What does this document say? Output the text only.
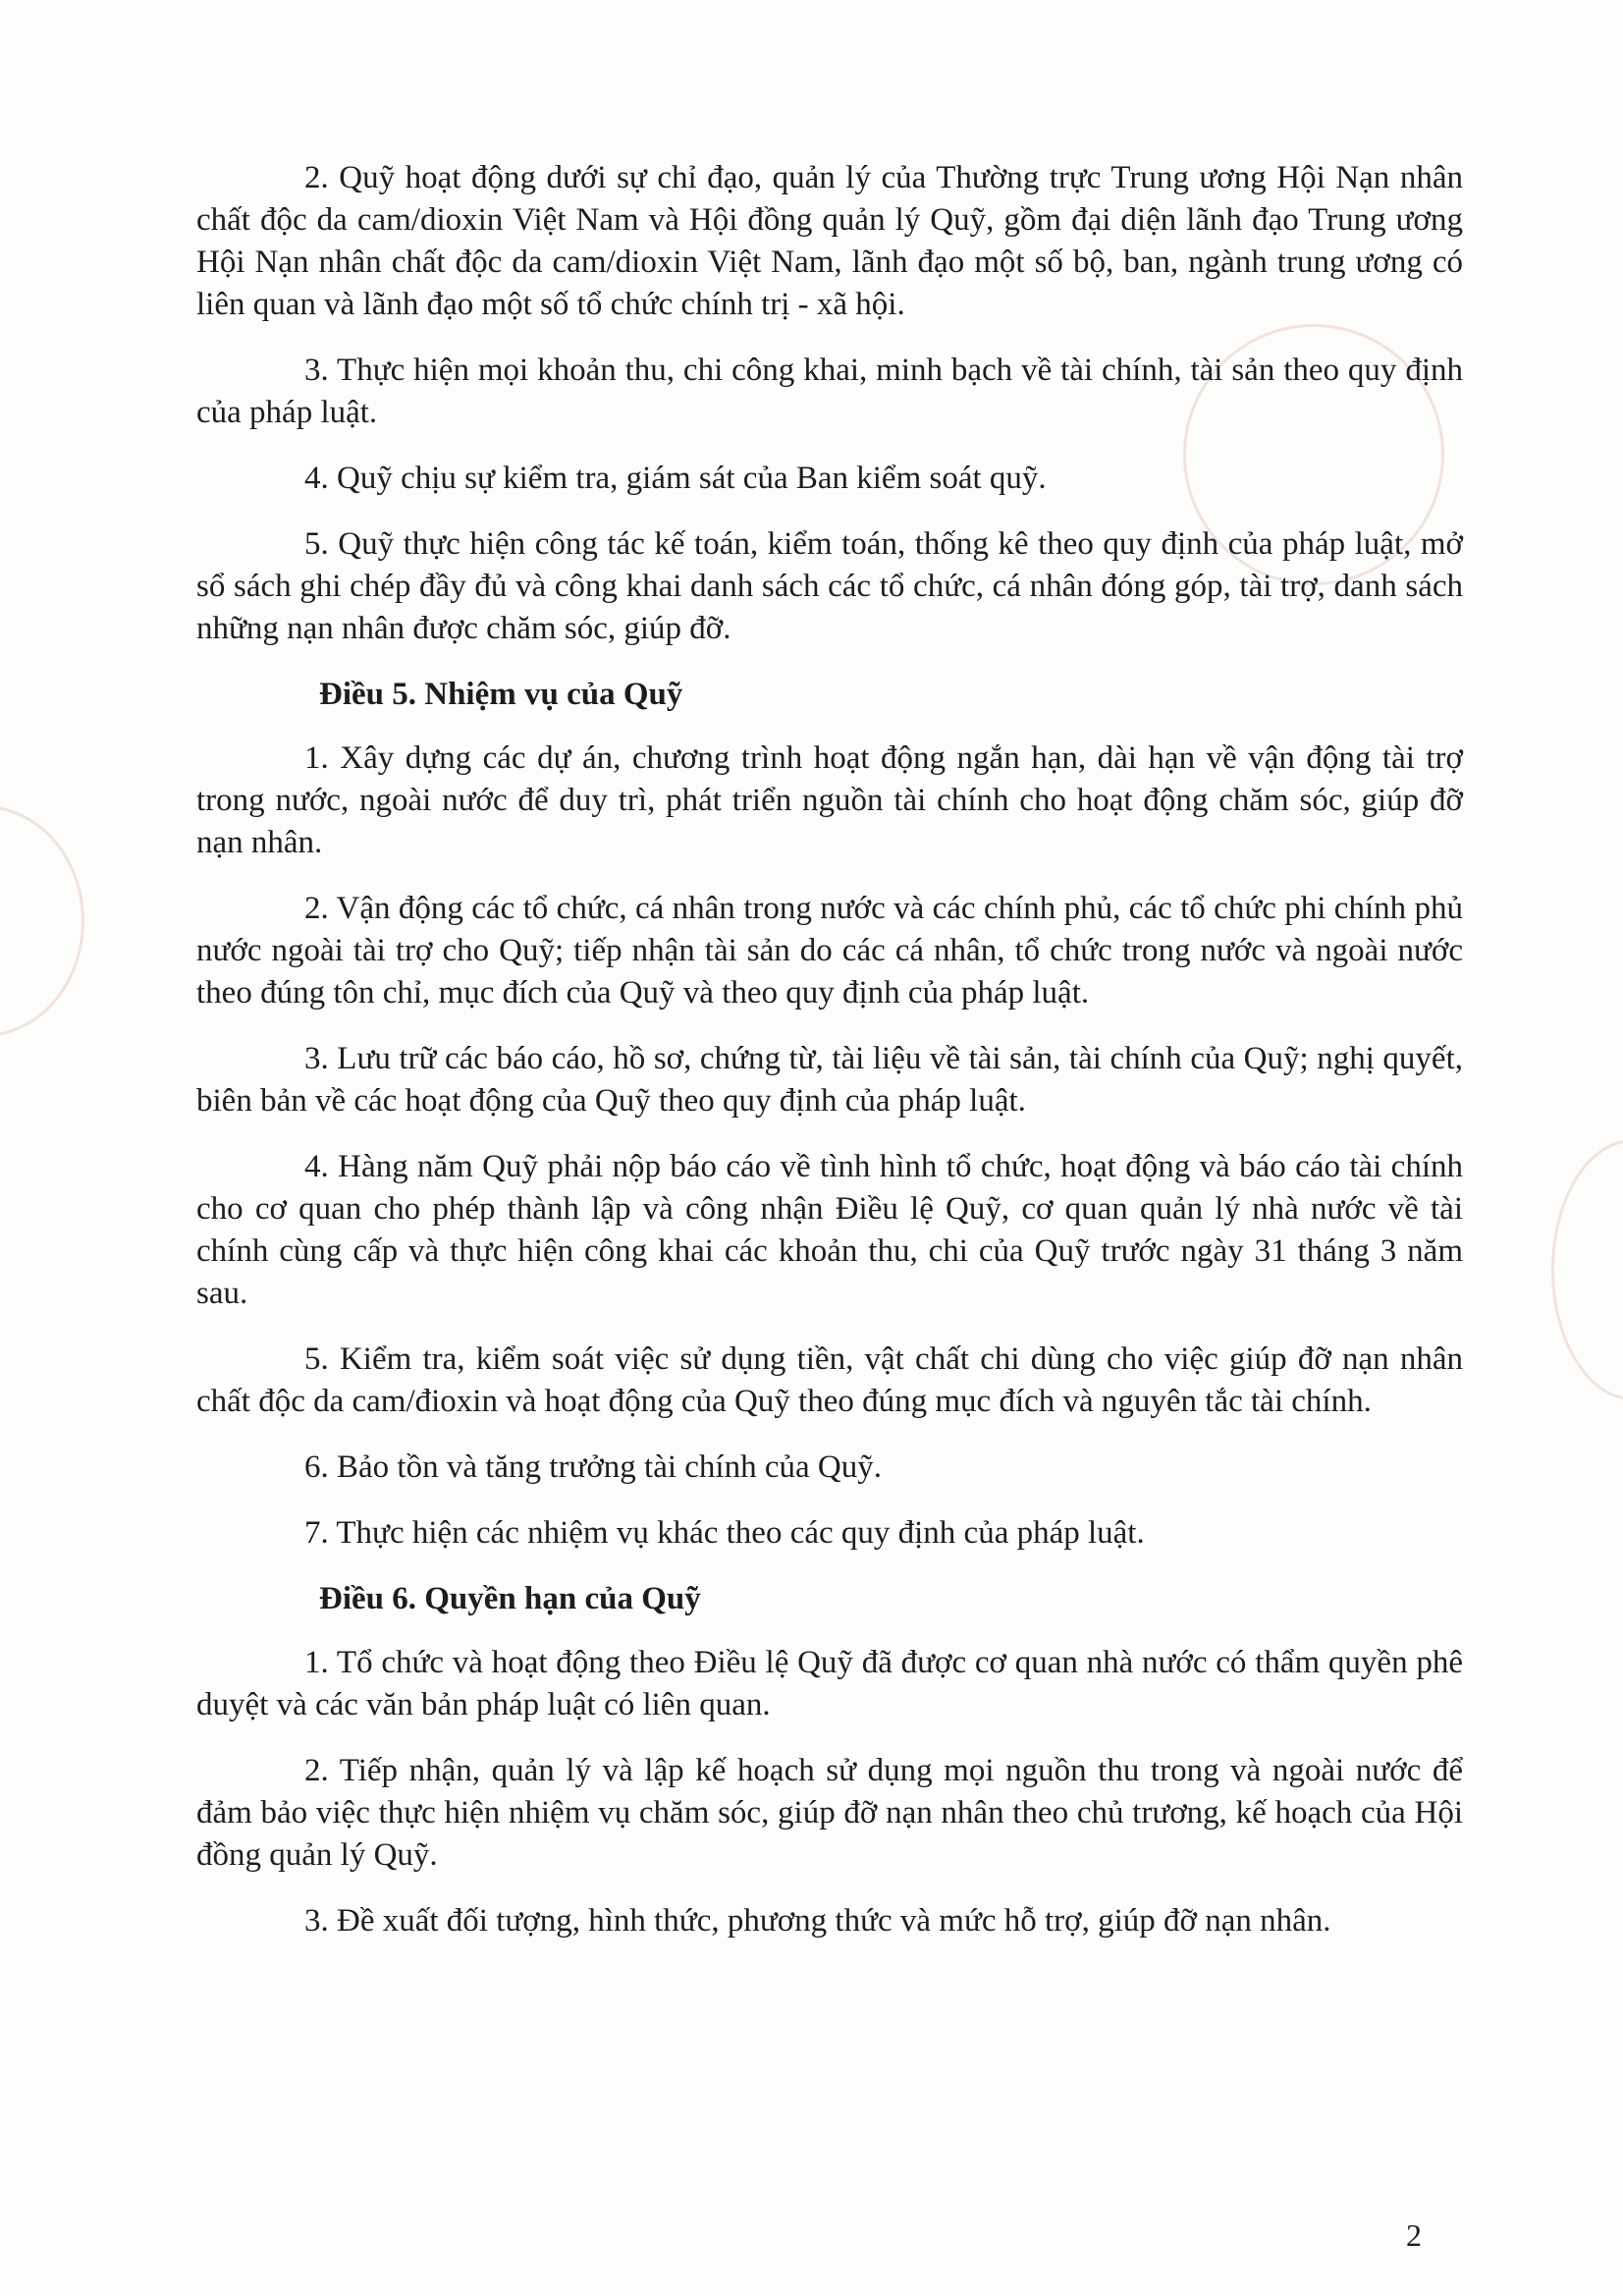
2. Quỹ hoạt động dưới sự chỉ đạo, quản lý của Thường trực Trung ương Hội Nạn nhân chất độc da cam/dioxin Việt Nam và Hội đồng quản lý Quỹ, gồm đại diện lãnh đạo Trung ương Hội Nạn nhân chất độc da cam/dioxin Việt Nam, lãnh đạo một số bộ, ban, ngành trung ương có liên quan và lãnh đạo một số tổ chức chính trị - xã hội.

3. Thực hiện mọi khoản thu, chi công khai, minh bạch về tài chính, tài sản theo quy định của pháp luật.

4. Quỹ chịu sự kiểm tra, giám sát của Ban kiểm soát quỹ.

5. Quỹ thực hiện công tác kế toán, kiểm toán, thống kê theo quy định của pháp luật, mở sổ sách ghi chép đầy đủ và công khai danh sách các tổ chức, cá nhân đóng góp, tài trợ, danh sách những nạn nhân được chăm sóc, giúp đỡ.

Điều 5. Nhiệm vụ của Quỹ

1. Xây dựng các dự án, chương trình hoạt động ngắn hạn, dài hạn về vận động tài trợ trong nước, ngoài nước để duy trì, phát triển nguồn tài chính cho hoạt động chăm sóc, giúp đỡ nạn nhân.

2. Vận động các tổ chức, cá nhân trong nước và các chính phủ, các tổ chức phi chính phủ nước ngoài tài trợ cho Quỹ; tiếp nhận tài sản do các cá nhân, tổ chức trong nước và ngoài nước theo đúng tôn chỉ, mục đích của Quỹ và theo quy định của pháp luật.

3. Lưu trữ các báo cáo, hồ sơ, chứng từ, tài liệu về tài sản, tài chính của Quỹ; nghị quyết, biên bản về các hoạt động của Quỹ theo quy định của pháp luật.

4. Hàng năm Quỹ phải nộp báo cáo về tình hình tổ chức, hoạt động và báo cáo tài chính cho cơ quan cho phép thành lập và công nhận Điều lệ Quỹ, cơ quan quản lý nhà nước về tài chính cùng cấp và thực hiện công khai các khoản thu, chi của Quỹ trước ngày 31 tháng 3 năm sau.

5. Kiểm tra, kiểm soát việc sử dụng tiền, vật chất chi dùng cho việc giúp đỡ nạn nhân chất độc da cam/đioxin và hoạt động của Quỹ theo đúng mục đích và nguyên tắc tài chính.

6. Bảo tồn và tăng trưởng tài chính của Quỹ.

7. Thực hiện các nhiệm vụ khác theo các quy định của pháp luật.

Điều 6. Quyền hạn của Quỹ

1. Tổ chức và hoạt động theo Điều lệ Quỹ đã được cơ quan nhà nước có thẩm quyền phê duyệt và các văn bản pháp luật có liên quan.

2. Tiếp nhận, quản lý và lập kế hoạch sử dụng mọi nguồn thu trong và ngoài nước để đảm bảo việc thực hiện nhiệm vụ chăm sóc, giúp đỡ nạn nhân theo chủ trương, kế hoạch của Hội đồng quản lý Quỹ.

3. Đề xuất đối tượng, hình thức, phương thức và mức hỗ trợ, giúp đỡ nạn nhân.

2
